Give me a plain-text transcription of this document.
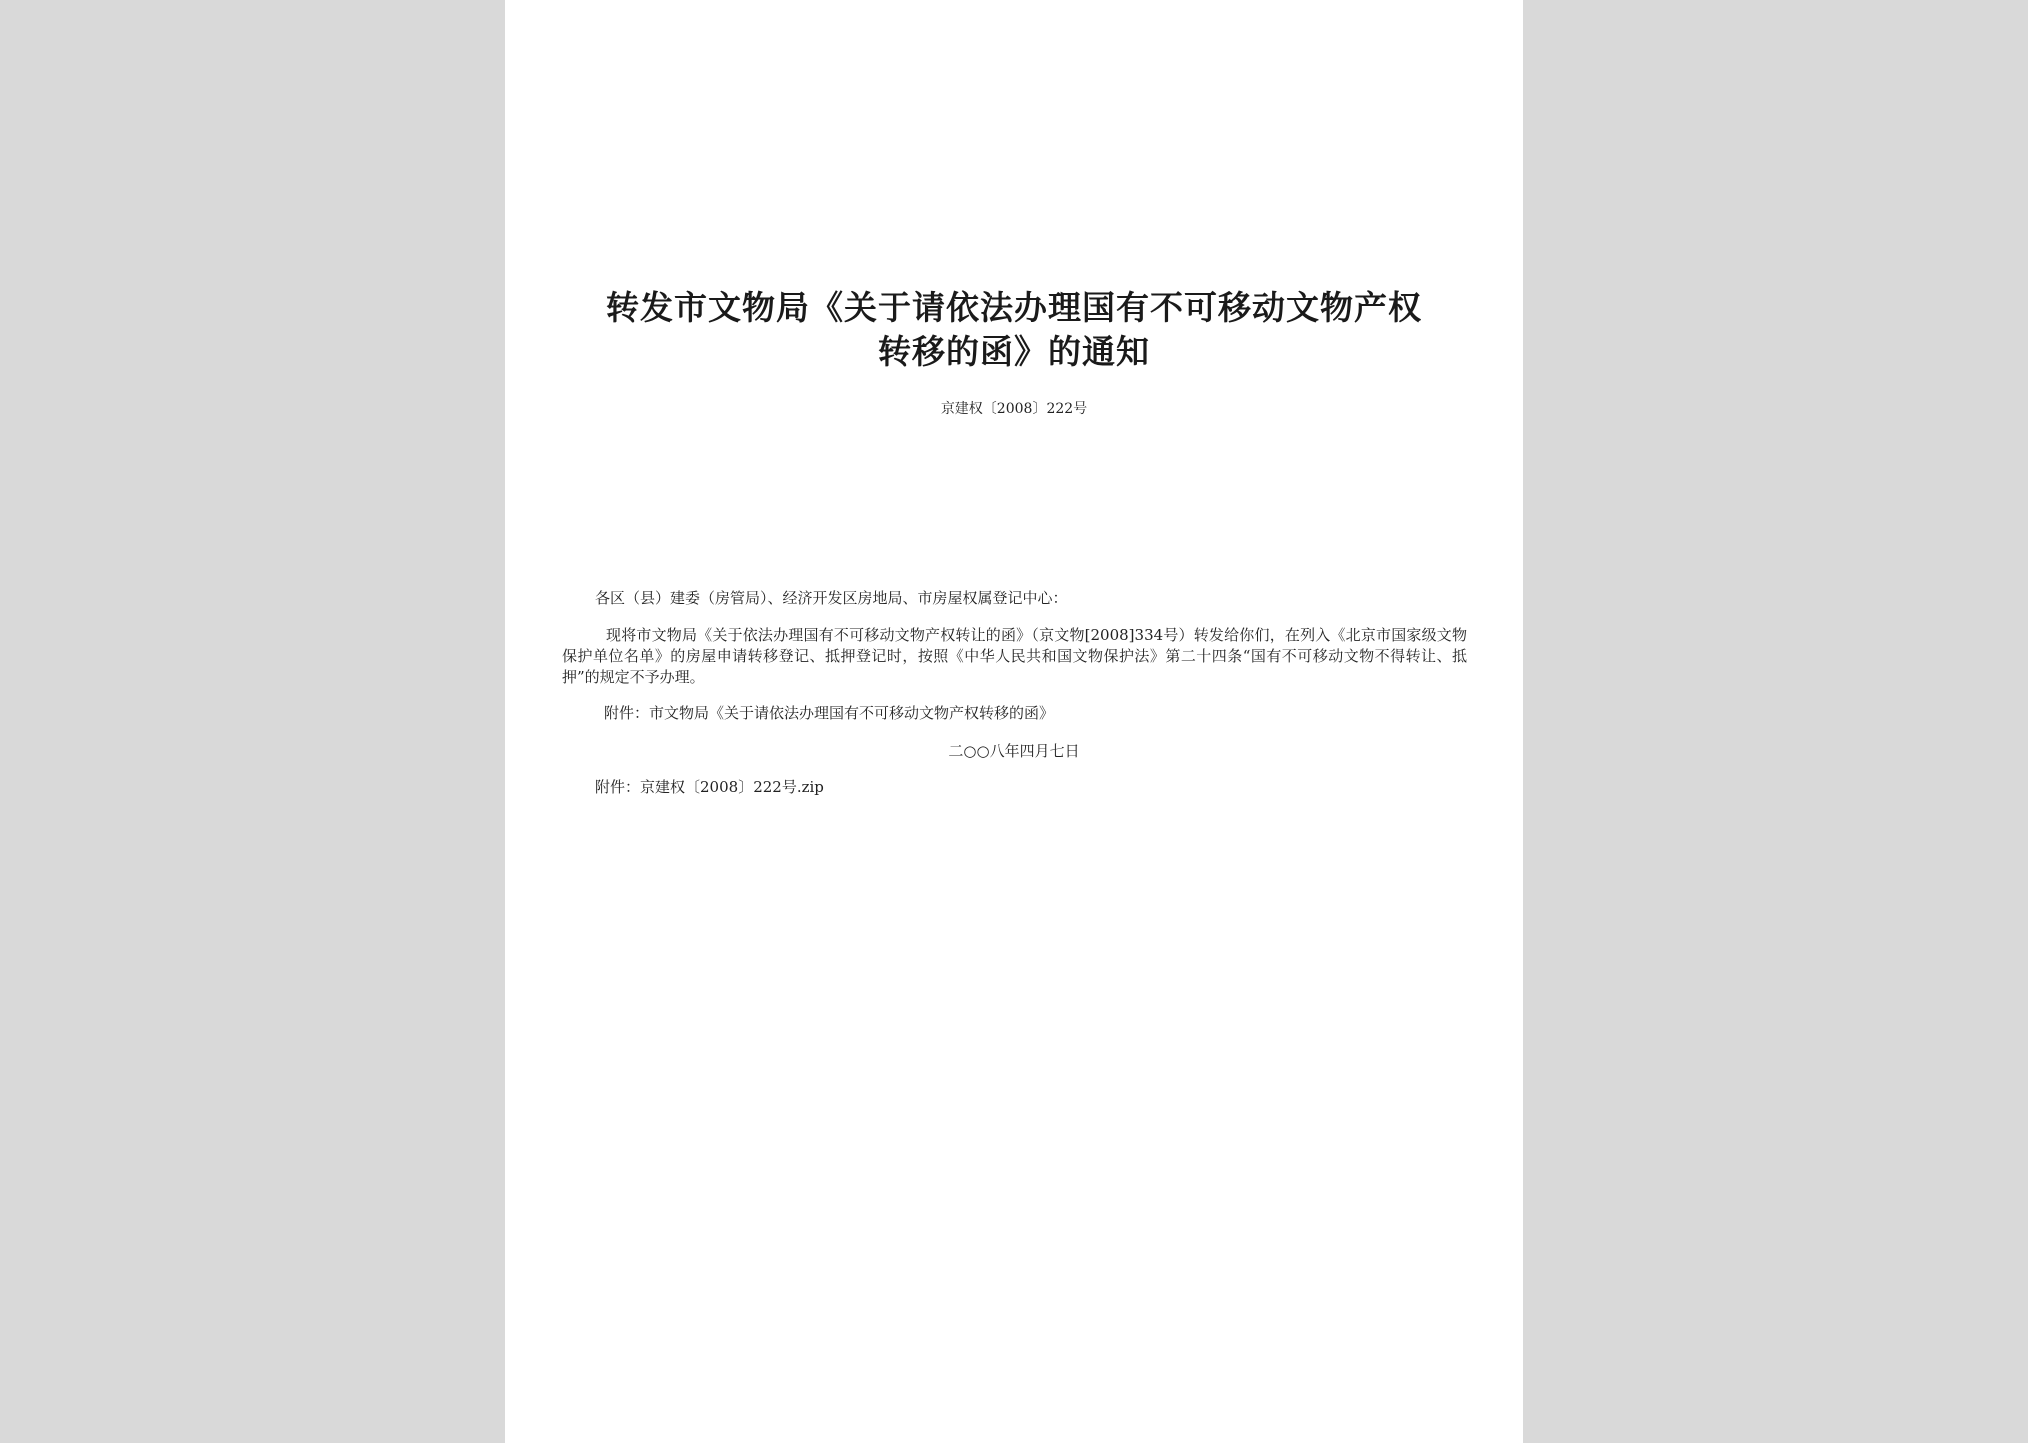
转发市文物局《关于请依法办理国有不可移动文物产权
转移的函》的通知
京建权〔2008〕222号
各区（县）建委（房管局）、经济开发区房地局、市房屋权属登记中心：
现将市文物局《关于依法办理国有不可移动文物产权转让的函》（京文物[2008]334号）转发给你们，在列入《北京市国家级文物保护单位名单》的房屋申请转移登记、抵押登记时，按照《中华人民共和国文物保护法》第二十四条“国有不可移动文物不得转让、抵押”的规定不予办理。
附件：市文物局《关于请依法办理国有不可移动文物产权转移的函》
二○○八年四月七日
附件：京建权〔2008〕222号.zip
